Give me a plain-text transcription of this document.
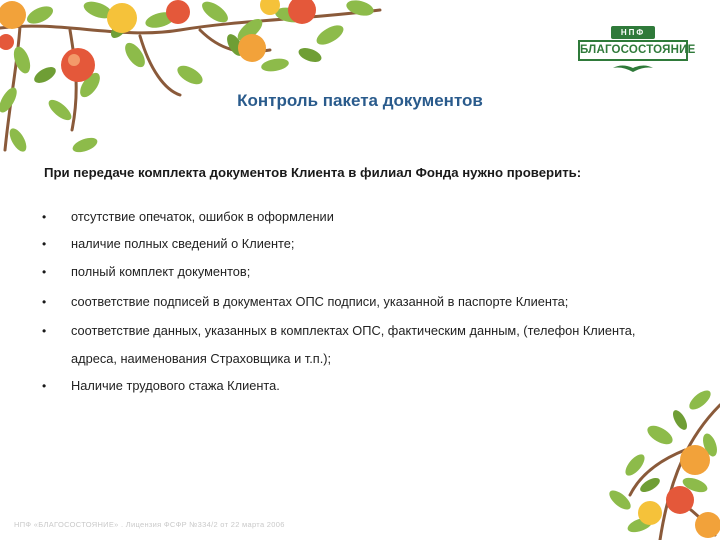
НПФ
БЛАГОСОСТОЯНИЕ
Контроль пакета документов
При передаче комплекта документов Клиента в филиал Фонда нужно проверить:
• отсутствие опечаток, ошибок в оформлении
• наличие полных сведений о Клиенте;
• полный комплект документов;
• соответствие подписей в документах ОПС подписи, указанной в паспорте Клиента;
• соответствие данных, указанных в комплектах ОПС, фактическим данным, (телефон Клиента, адреса, наименования Страховщика и т.п.);
• Наличие трудового стажа Клиента.
НПФ «БЛАГОСОСТОЯНИЕ» . Лицензия ФСФР №334/2 от 22 марта 2006
